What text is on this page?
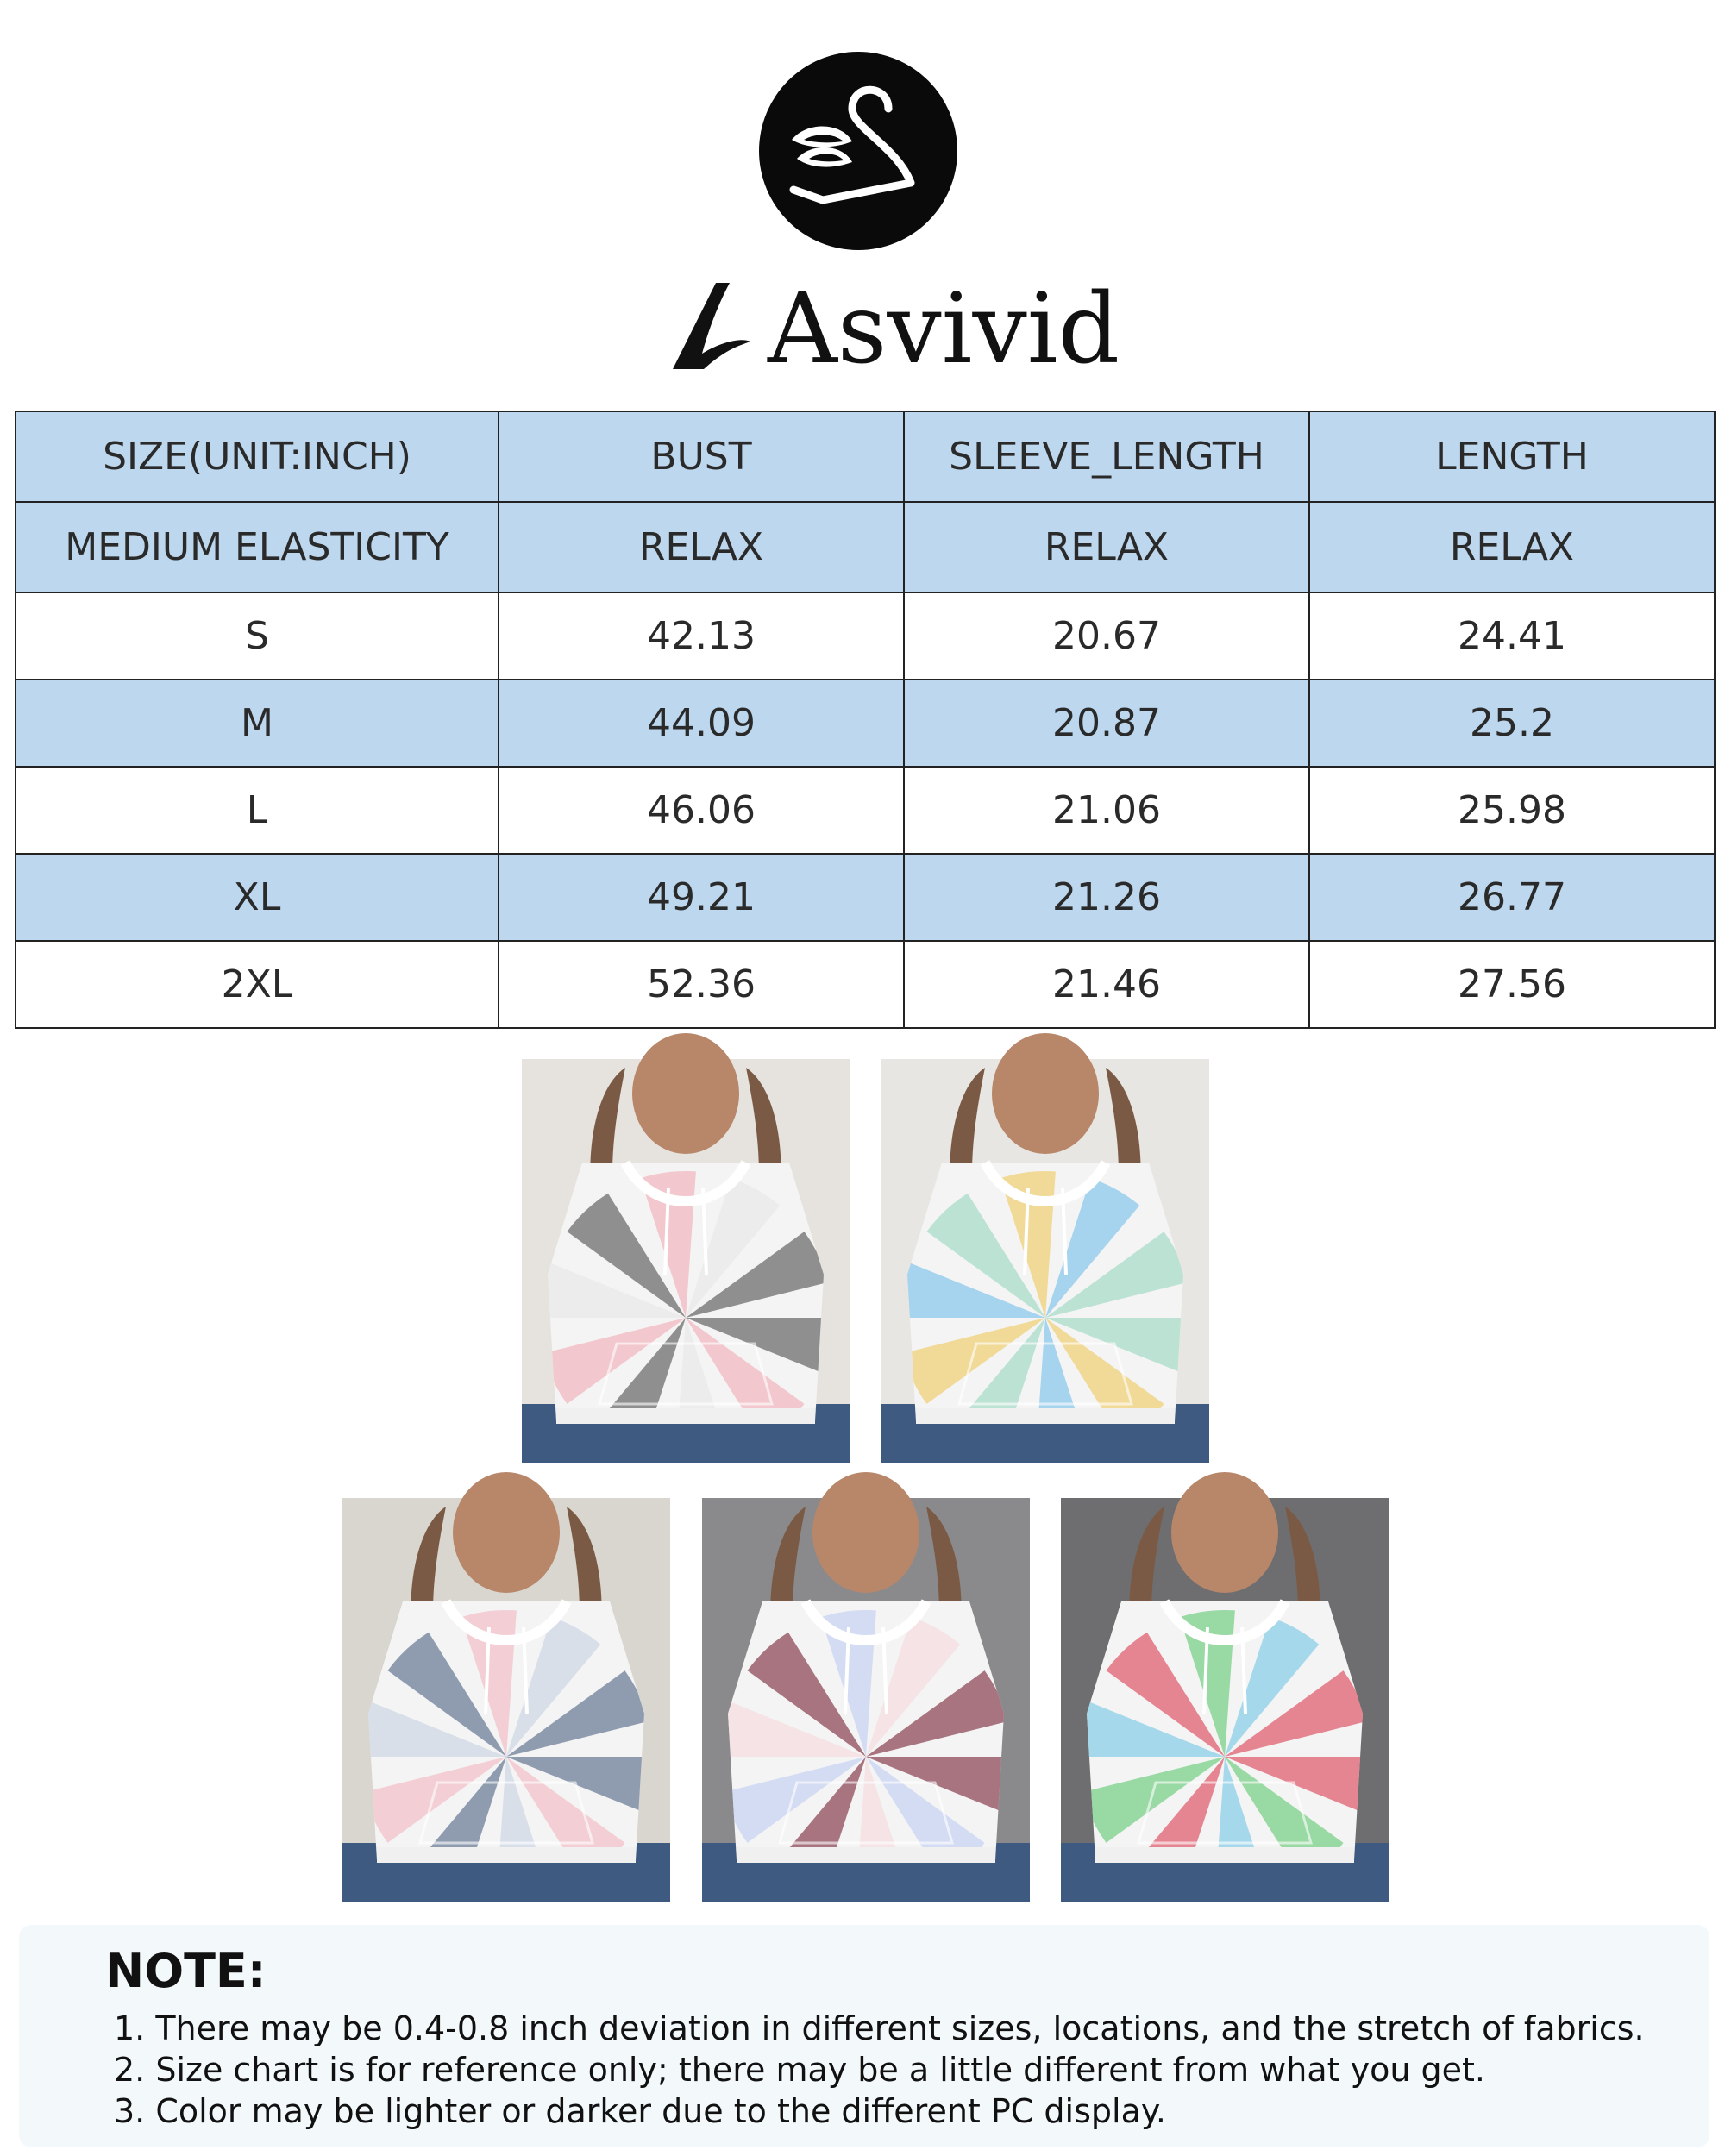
Asvivid
SIZE(UNIT:INCH)	BUST	SLEEVE_LENGTH	LENGTH
MEDIUM ELASTICITY	RELAX	RELAX	RELAX
S	42.13	20.67	24.41
M	44.09	20.87	25.2
L	46.06	21.06	25.98
XL	49.21	21.26	26.77
2XL	52.36	21.46	27.56
NOTE:
1. There may be 0.4-0.8 inch deviation in different sizes, locations, and the stretch of fabrics.
2. Size chart is for reference only; there may be a little different from what you get.
3. Color may be lighter or darker due to the different PC display.
